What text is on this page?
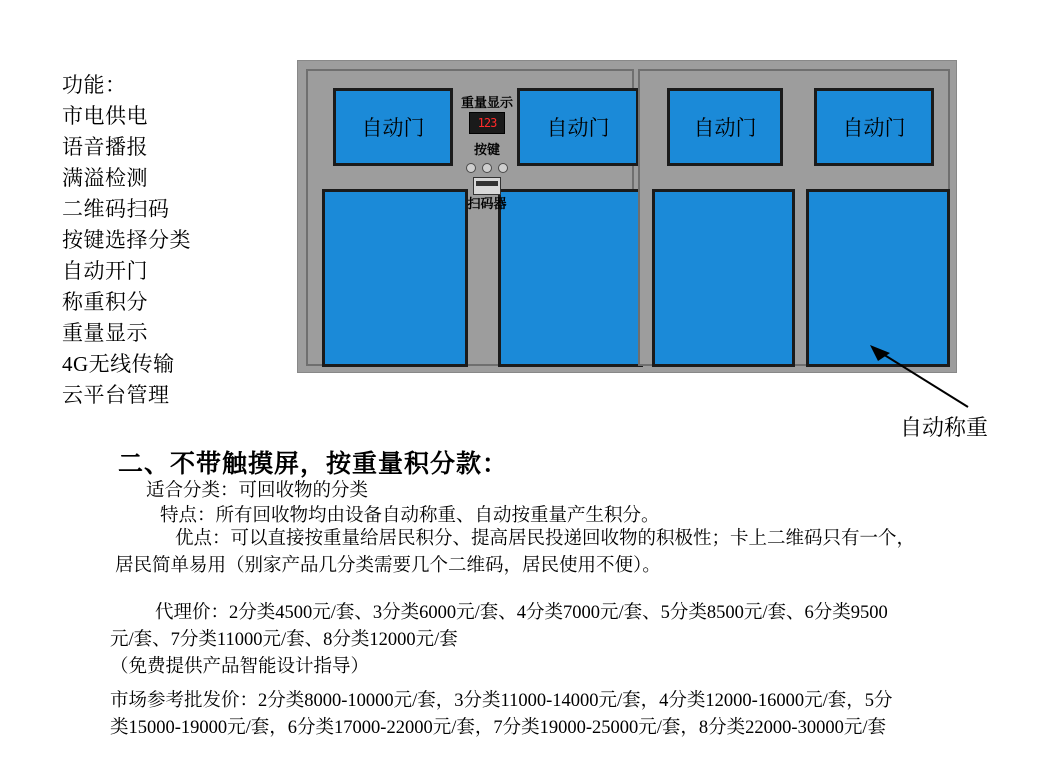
功能：
市电供电
语音播报
满溢检测
二维码扫码
按键选择分类
自动开门
称重积分
重量显示
4G无线传输
云平台管理
自动门	自动门
重量显示
123
按键
扫码器
自动门	自动门
自动称重
二、不带触摸屏，按重量积分款：
适合分类：可回收物的分类
特点：所有回收物均由设备自动称重、自动按重量产生积分。
优点：可以直接按重量给居民积分、提高居民投递回收物的积极性；卡上二维码只有一个，
居民简单易用（别家产品几分类需要几个二维码，居民使用不便）。
代理价：2分类4500元/套、3分类6000元/套、4分类7000元/套、5分类8500元/套、6分类9500
元/套、7分类11000元/套、8分类12000元/套
（免费提供产品智能设计指导）
市场参考批发价：2分类8000-10000元/套，3分类11000-14000元/套，4分类12000-16000元/套，5分
类15000-19000元/套，6分类17000-22000元/套，7分类19000-25000元/套，8分类22000-30000元/套
